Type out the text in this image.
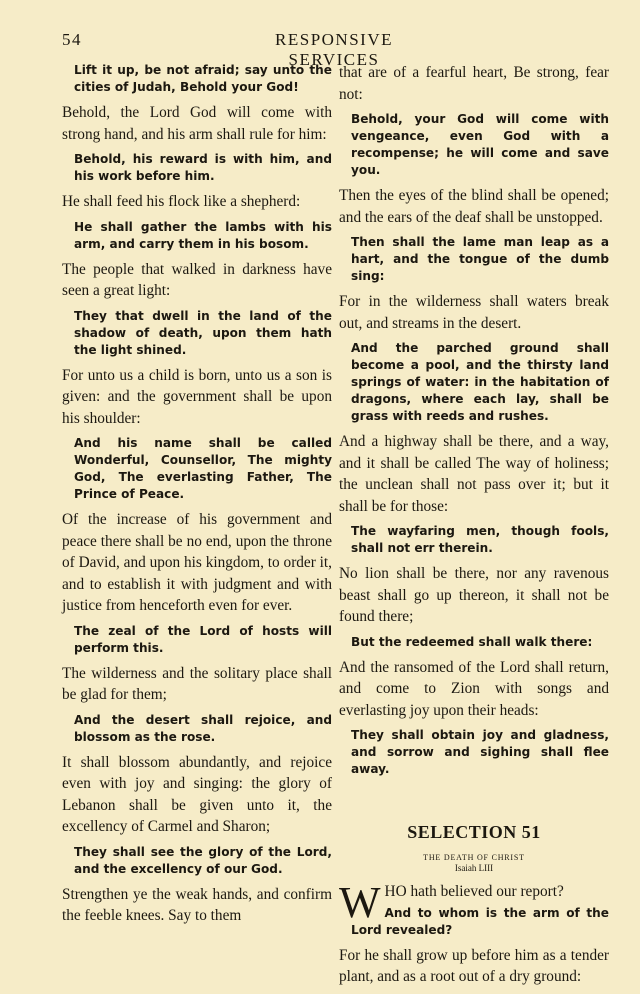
54	RESPONSIVE SERVICES

Lift it up, be not afraid; say unto the cities of Judah, Behold your God!

Behold, the Lord God will come with strong hand, and his arm shall rule for him:

Behold, his reward is with him, and his work before him.

He shall feed his flock like a shepherd:

He shall gather the lambs with his arm, and carry them in his bosom.

The people that walked in darkness have seen a great light:

They that dwell in the land of the shadow of death, upon them hath the light shined.

For unto us a child is born, unto us a son is given: and the government shall be upon his shoulder:

And his name shall be called Wonderful, Counsellor, The mighty God, The everlasting Father, The Prince of Peace.

Of the increase of his government and peace there shall be no end, upon the throne of David, and upon his kingdom, to order it, and to establish it with judgment and with justice from henceforth even for ever.

The zeal of the Lord of hosts will perform this.

The wilderness and the solitary place shall be glad for them;

And the desert shall rejoice, and blossom as the rose.

It shall blossom abundantly, and rejoice even with joy and singing: the glory of Lebanon shall be given unto it, the excellency of Carmel and Sharon;

They shall see the glory of the Lord, and the excellency of our God.

Strengthen ye the weak hands, and confirm the feeble knees. Say to them

that are of a fearful heart, Be strong, fear not:

Behold, your God will come with vengeance, even God with a recompense; he will come and save you.

Then the eyes of the blind shall be opened; and the ears of the deaf shall be unstopped.

Then shall the lame man leap as a hart, and the tongue of the dumb sing:

For in the wilderness shall waters break out, and streams in the desert.

And the parched ground shall become a pool, and the thirsty land springs of water: in the habitation of dragons, where each lay, shall be grass with reeds and rushes.

And a highway shall be there, and a way, and it shall be called The way of holiness; the unclean shall not pass over it; but it shall be for those:

The wayfaring men, though fools, shall not err therein.

No lion shall be there, nor any ravenous beast shall go up thereon, it shall not be found there;

But the redeemed shall walk there:

And the ransomed of the Lord shall return, and come to Zion with songs and everlasting joy upon their heads:

They shall obtain joy and gladness, and sorrow and sighing shall flee away.

SELECTION 51
THE DEATH OF CHRIST
Isaiah LIII

WHO hath believed our report?

And to whom is the arm of the Lord revealed?

For he shall grow up before him as a tender plant, and as a root out of a dry ground:
